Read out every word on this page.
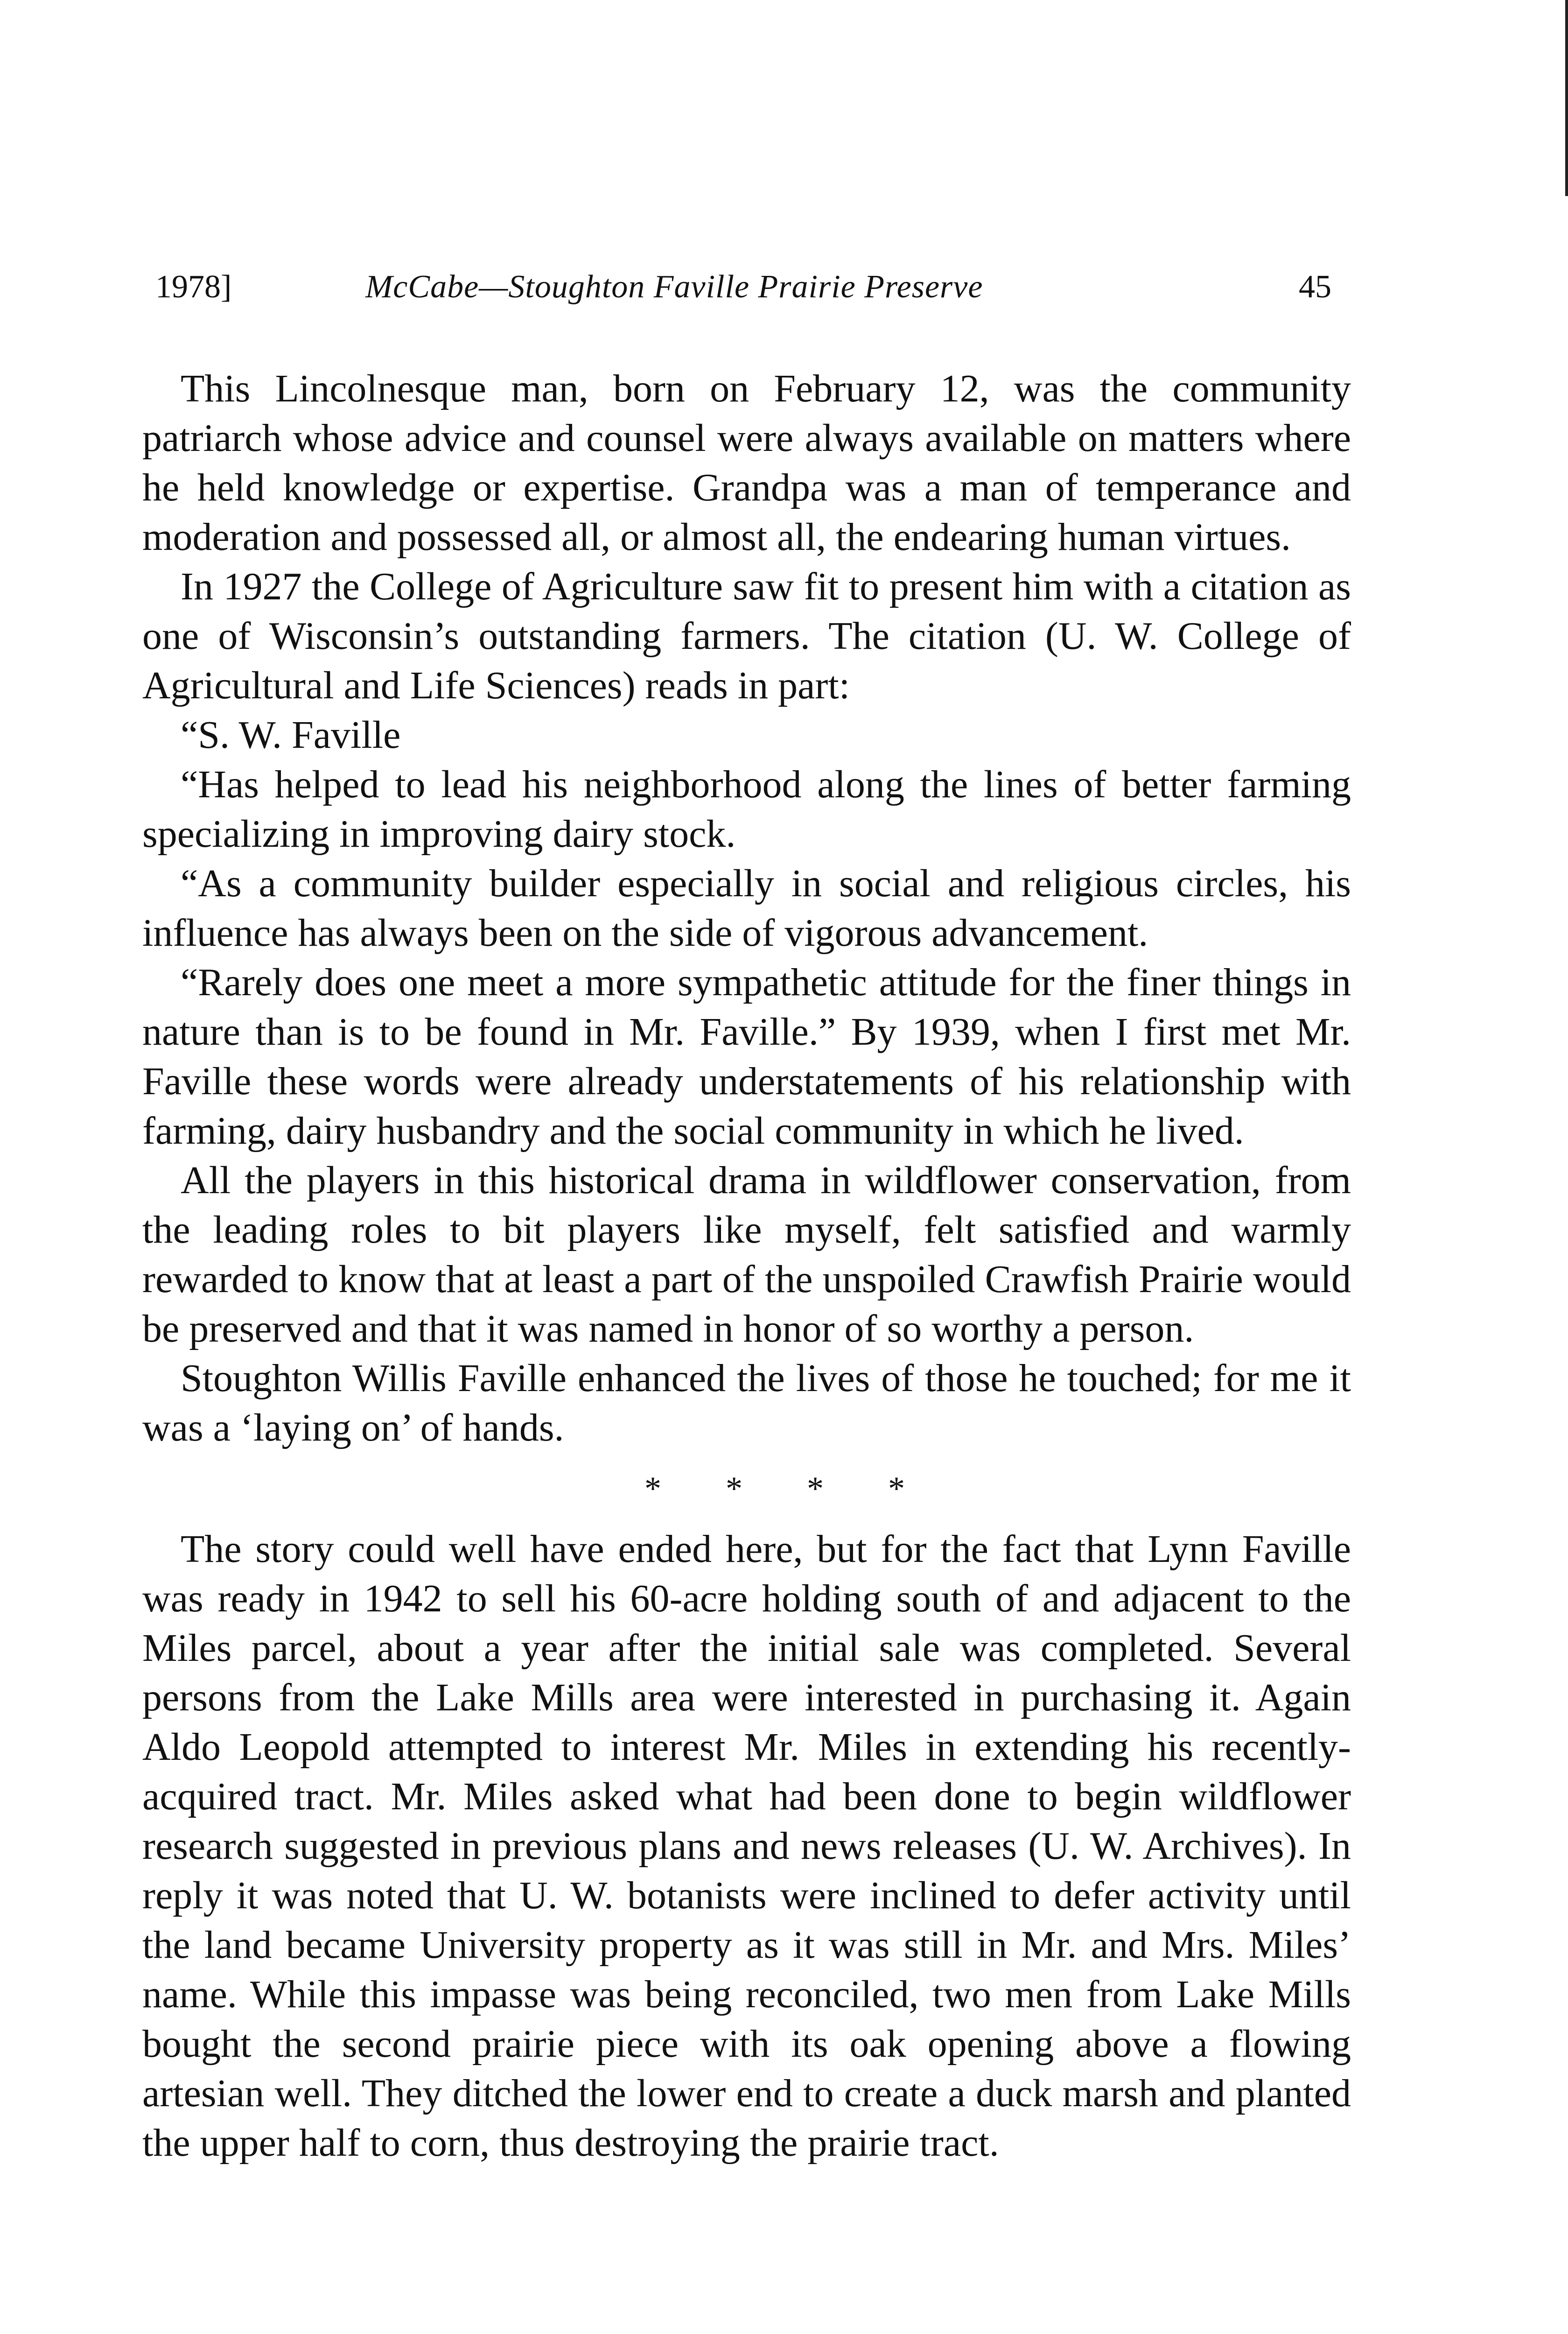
1978]	McCabe—Stoughton Faville Prairie Preserve	45

This Lincolnesque man, born on February 12, was the community patriarch whose advice and counsel were always available on matters where he held knowledge or expertise. Grandpa was a man of temperance and moderation and possessed all, or almost all, the endearing human virtues.

In 1927 the College of Agriculture saw fit to present him with a citation as one of Wisconsin’s outstanding farmers. The citation (U. W. College of Agricultural and Life Sciences) reads in part:

“S. W. Faville

“Has helped to lead his neighborhood along the lines of better farming specializing in improving dairy stock.

“As a community builder especially in social and religious circles, his influence has always been on the side of vigorous advancement.

“Rarely does one meet a more sympathetic attitude for the finer things in nature than is to be found in Mr. Faville.” By 1939, when I first met Mr. Faville these words were already understatements of his relationship with farming, dairy husbandry and the social community in which he lived.

All the players in this historical drama in wildflower conservation, from the leading roles to bit players like myself, felt satisfied and warmly rewarded to know that at least a part of the unspoiled Crawfish Prairie would be preserved and that it was named in honor of so worthy a person.

Stoughton Willis Faville enhanced the lives of those he touched; for me it was a ‘laying on’ of hands.

* * * *

The story could well have ended here, but for the fact that Lynn Faville was ready in 1942 to sell his 60-acre holding south of and adjacent to the Miles parcel, about a year after the initial sale was completed. Several persons from the Lake Mills area were interested in purchasing it. Again Aldo Leopold attempted to interest Mr. Miles in extending his recently-acquired tract. Mr. Miles asked what had been done to begin wildflower research suggested in previous plans and news releases (U. W. Archives). In reply it was noted that U. W. botanists were inclined to defer activity until the land became University property as it was still in Mr. and Mrs. Miles’ name. While this impasse was being reconciled, two men from Lake Mills bought the second prairie piece with its oak opening above a flowing artesian well. They ditched the lower end to create a duck marsh and planted the upper half to corn, thus destroying the prairie tract.
